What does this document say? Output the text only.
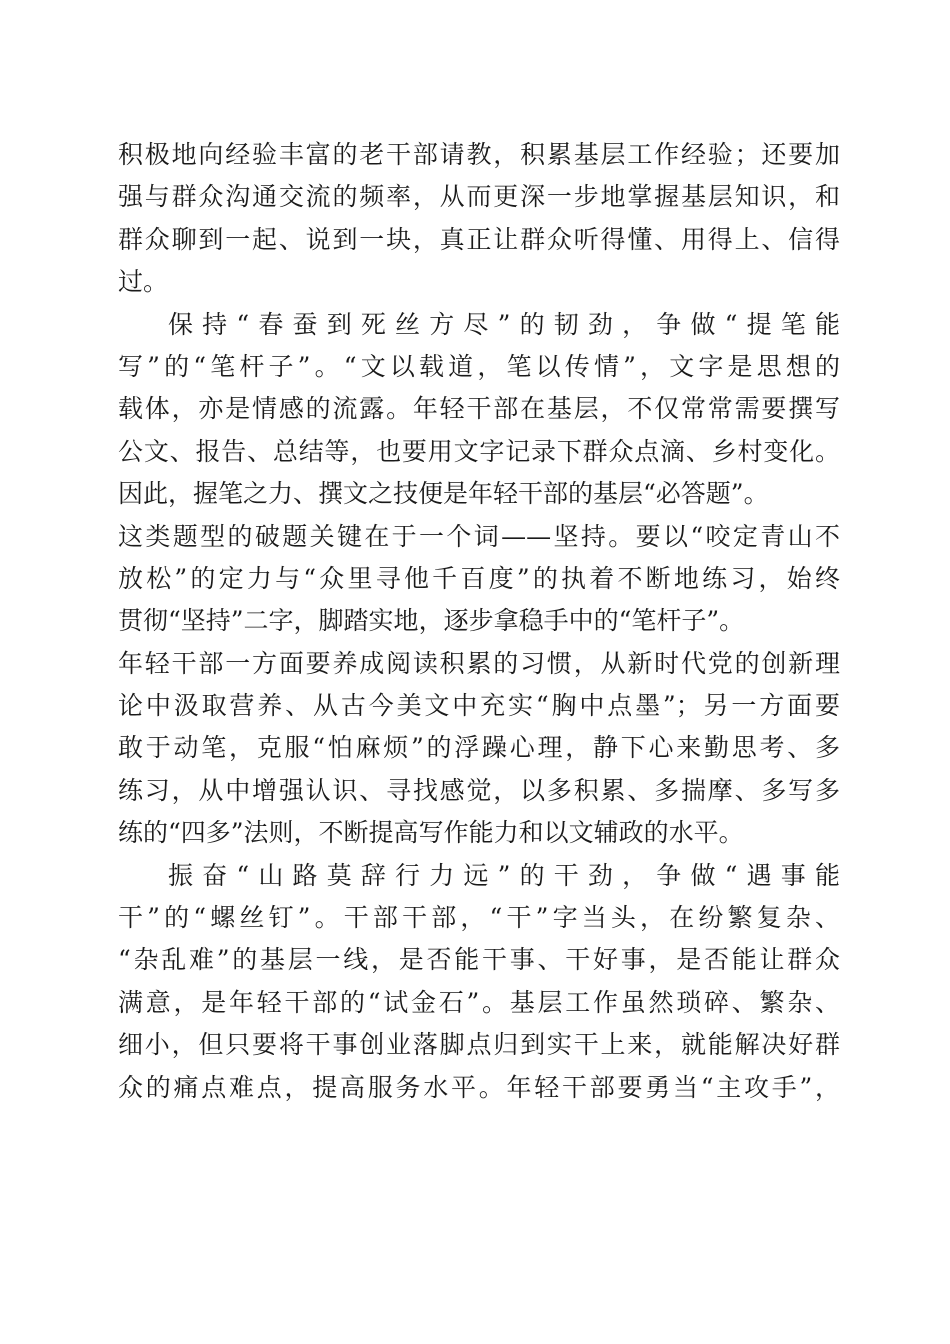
积极地向经验丰富的老干部请教，积累基层工作经验；还要加
强与群众沟通交流的频率，从而更深一步地掌握基层知识，和
群众聊到一起、说到一块，真正让群众听得懂、用得上、信得
过。
保持“春蚕到死丝方尽”的韧劲，争做“提笔能
写”的“笔杆子”。“文以载道，笔以传情”，文字是思想的
载体，亦是情感的流露。年轻干部在基层，不仅常常需要撰写
公文、报告、总结等，也要用文字记录下群众点滴、乡村变化。
因此，握笔之力、撰文之技便是年轻干部的基层“必答题”。
这类题型的破题关键在于一个词——坚持。要以“咬定青山不
放松”的定力与“众里寻他千百度”的执着不断地练习，始终
贯彻“坚持”二字，脚踏实地，逐步拿稳手中的“笔杆子”。
年轻干部一方面要养成阅读积累的习惯，从新时代党的创新理
论中汲取营养、从古今美文中充实“胸中点墨”；另一方面要
敢于动笔，克服“怕麻烦”的浮躁心理，静下心来勤思考、多
练习，从中增强认识、寻找感觉，以多积累、多揣摩、多写多
练的“四多”法则，不断提高写作能力和以文辅政的水平。
振奋“山路莫辞行力远”的干劲，争做“遇事能
干”的“螺丝钉”。干部干部，“干”字当头，在纷繁复杂、
“杂乱难”的基层一线，是否能干事、干好事，是否能让群众
满意，是年轻干部的“试金石”。基层工作虽然琐碎、繁杂、
细小，但只要将干事创业落脚点归到实干上来，就能解决好群
众的痛点难点，提高服务水平。年轻干部要勇当“主攻手”，
